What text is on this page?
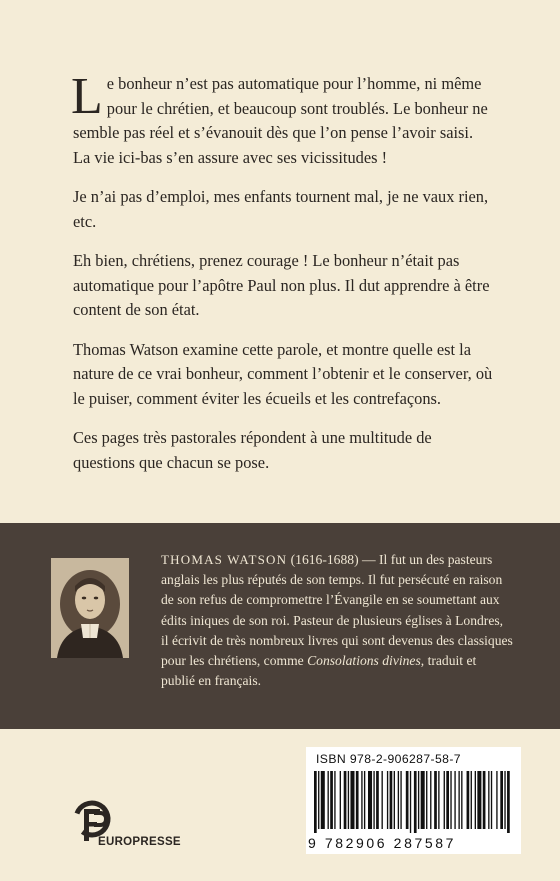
Le bonheur n’est pas automatique pour l’homme, ni même pour le chrétien, et beaucoup sont troublés. Le bonheur ne semble pas réel et s’évanouit dès que l’on pense l’avoir saisi. La vie ici-bas s’en assure avec ses vicissitudes !

Je n’ai pas d’emploi, mes enfants tournent mal, je ne vaux rien, etc.

Eh bien, chrétiens, prenez courage ! Le bonheur n’était pas automatique pour l’apôtre Paul non plus. Il dut apprendre à être content de son état.

Thomas Watson examine cette parole, et montre quelle est la nature de ce vrai bonheur, comment l’obtenir et le conserver, où le puiser, comment éviter les écueils et les contrefaçons.

Ces pages très pastorales répondent à une multitude de questions que chacun se pose.

THOMAS WATSON (1616-1688) — Il fut un des pasteurs anglais les plus réputés de son temps. Il fut persécuté en raison de son refus de compromettre l’Évangile en se soumettant aux édits iniques de son roi. Pasteur de plusieurs églises à Londres, il écrivit de très nombreux livres qui sont devenus des classiques pour les chrétiens, comme Consolations divines, traduit et publié en français.
ISBN 978-2-906287-58-7
9 782906 287587
EUROPRESSE
